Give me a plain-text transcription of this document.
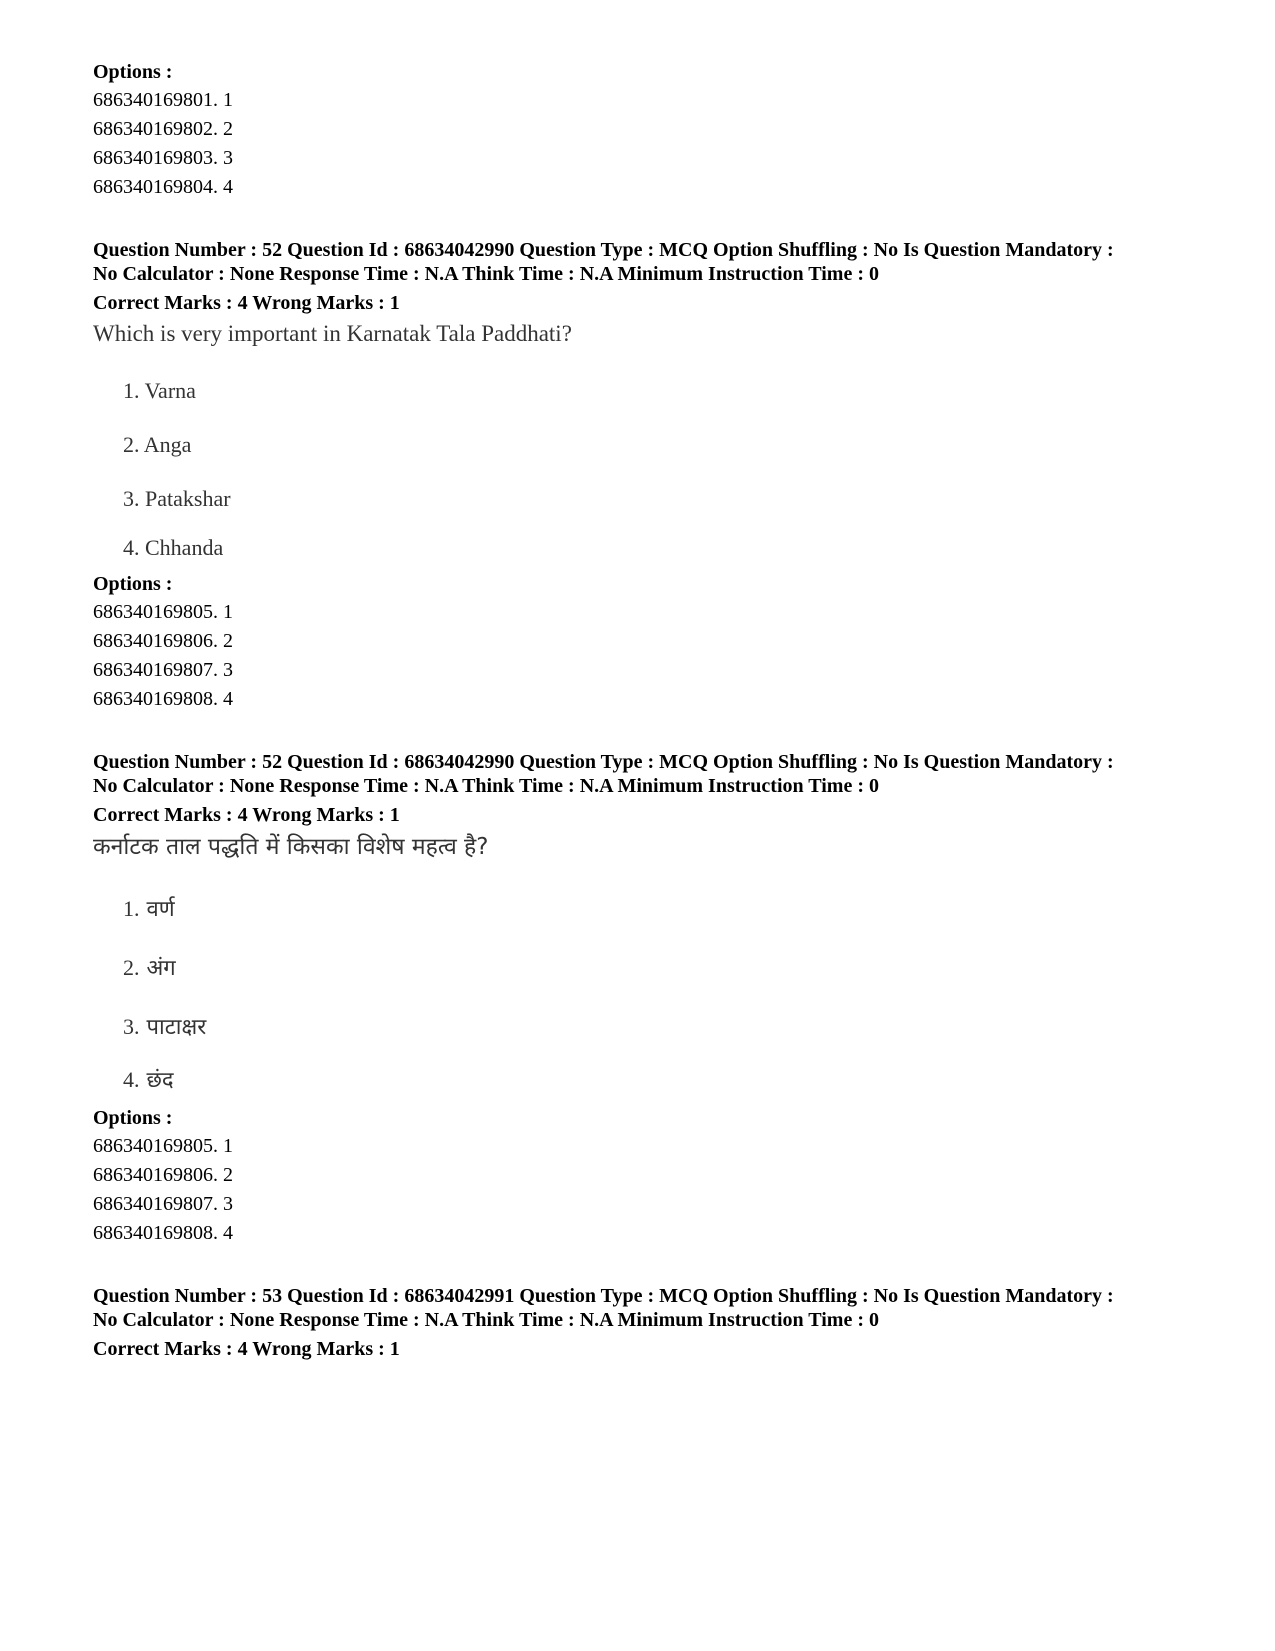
Options :

686340169801. 1

686340169802. 2

686340169803. 3

686340169804. 4

Question Number : 52 Question Id : 68634042990 Question Type : MCQ Option Shuffling : No Is Question Mandatory :

No Calculator : None Response Time : N.A Think Time : N.A Minimum Instruction Time : 0

Correct Marks : 4 Wrong Marks : 1

Which is very important in Karnatak Tala Paddhati?

1. Varna

2. Anga

3. Patakshar

4. Chhanda

Options :

686340169805. 1

686340169806. 2

686340169807. 3

686340169808. 4

Question Number : 52 Question Id : 68634042990 Question Type : MCQ Option Shuffling : No Is Question Mandatory :

No Calculator : None Response Time : N.A Think Time : N.A Minimum Instruction Time : 0

Correct Marks : 4 Wrong Marks : 1

कर्नाटक ताल पद्धति में किसका विशेष महत्व है?

1. वर्ण

2. अंग

3. पाटाक्षर

4. छंद

Options :

686340169805. 1

686340169806. 2

686340169807. 3

686340169808. 4

Question Number : 53 Question Id : 68634042991 Question Type : MCQ Option Shuffling : No Is Question Mandatory :

No Calculator : None Response Time : N.A Think Time : N.A Minimum Instruction Time : 0

Correct Marks : 4 Wrong Marks : 1
